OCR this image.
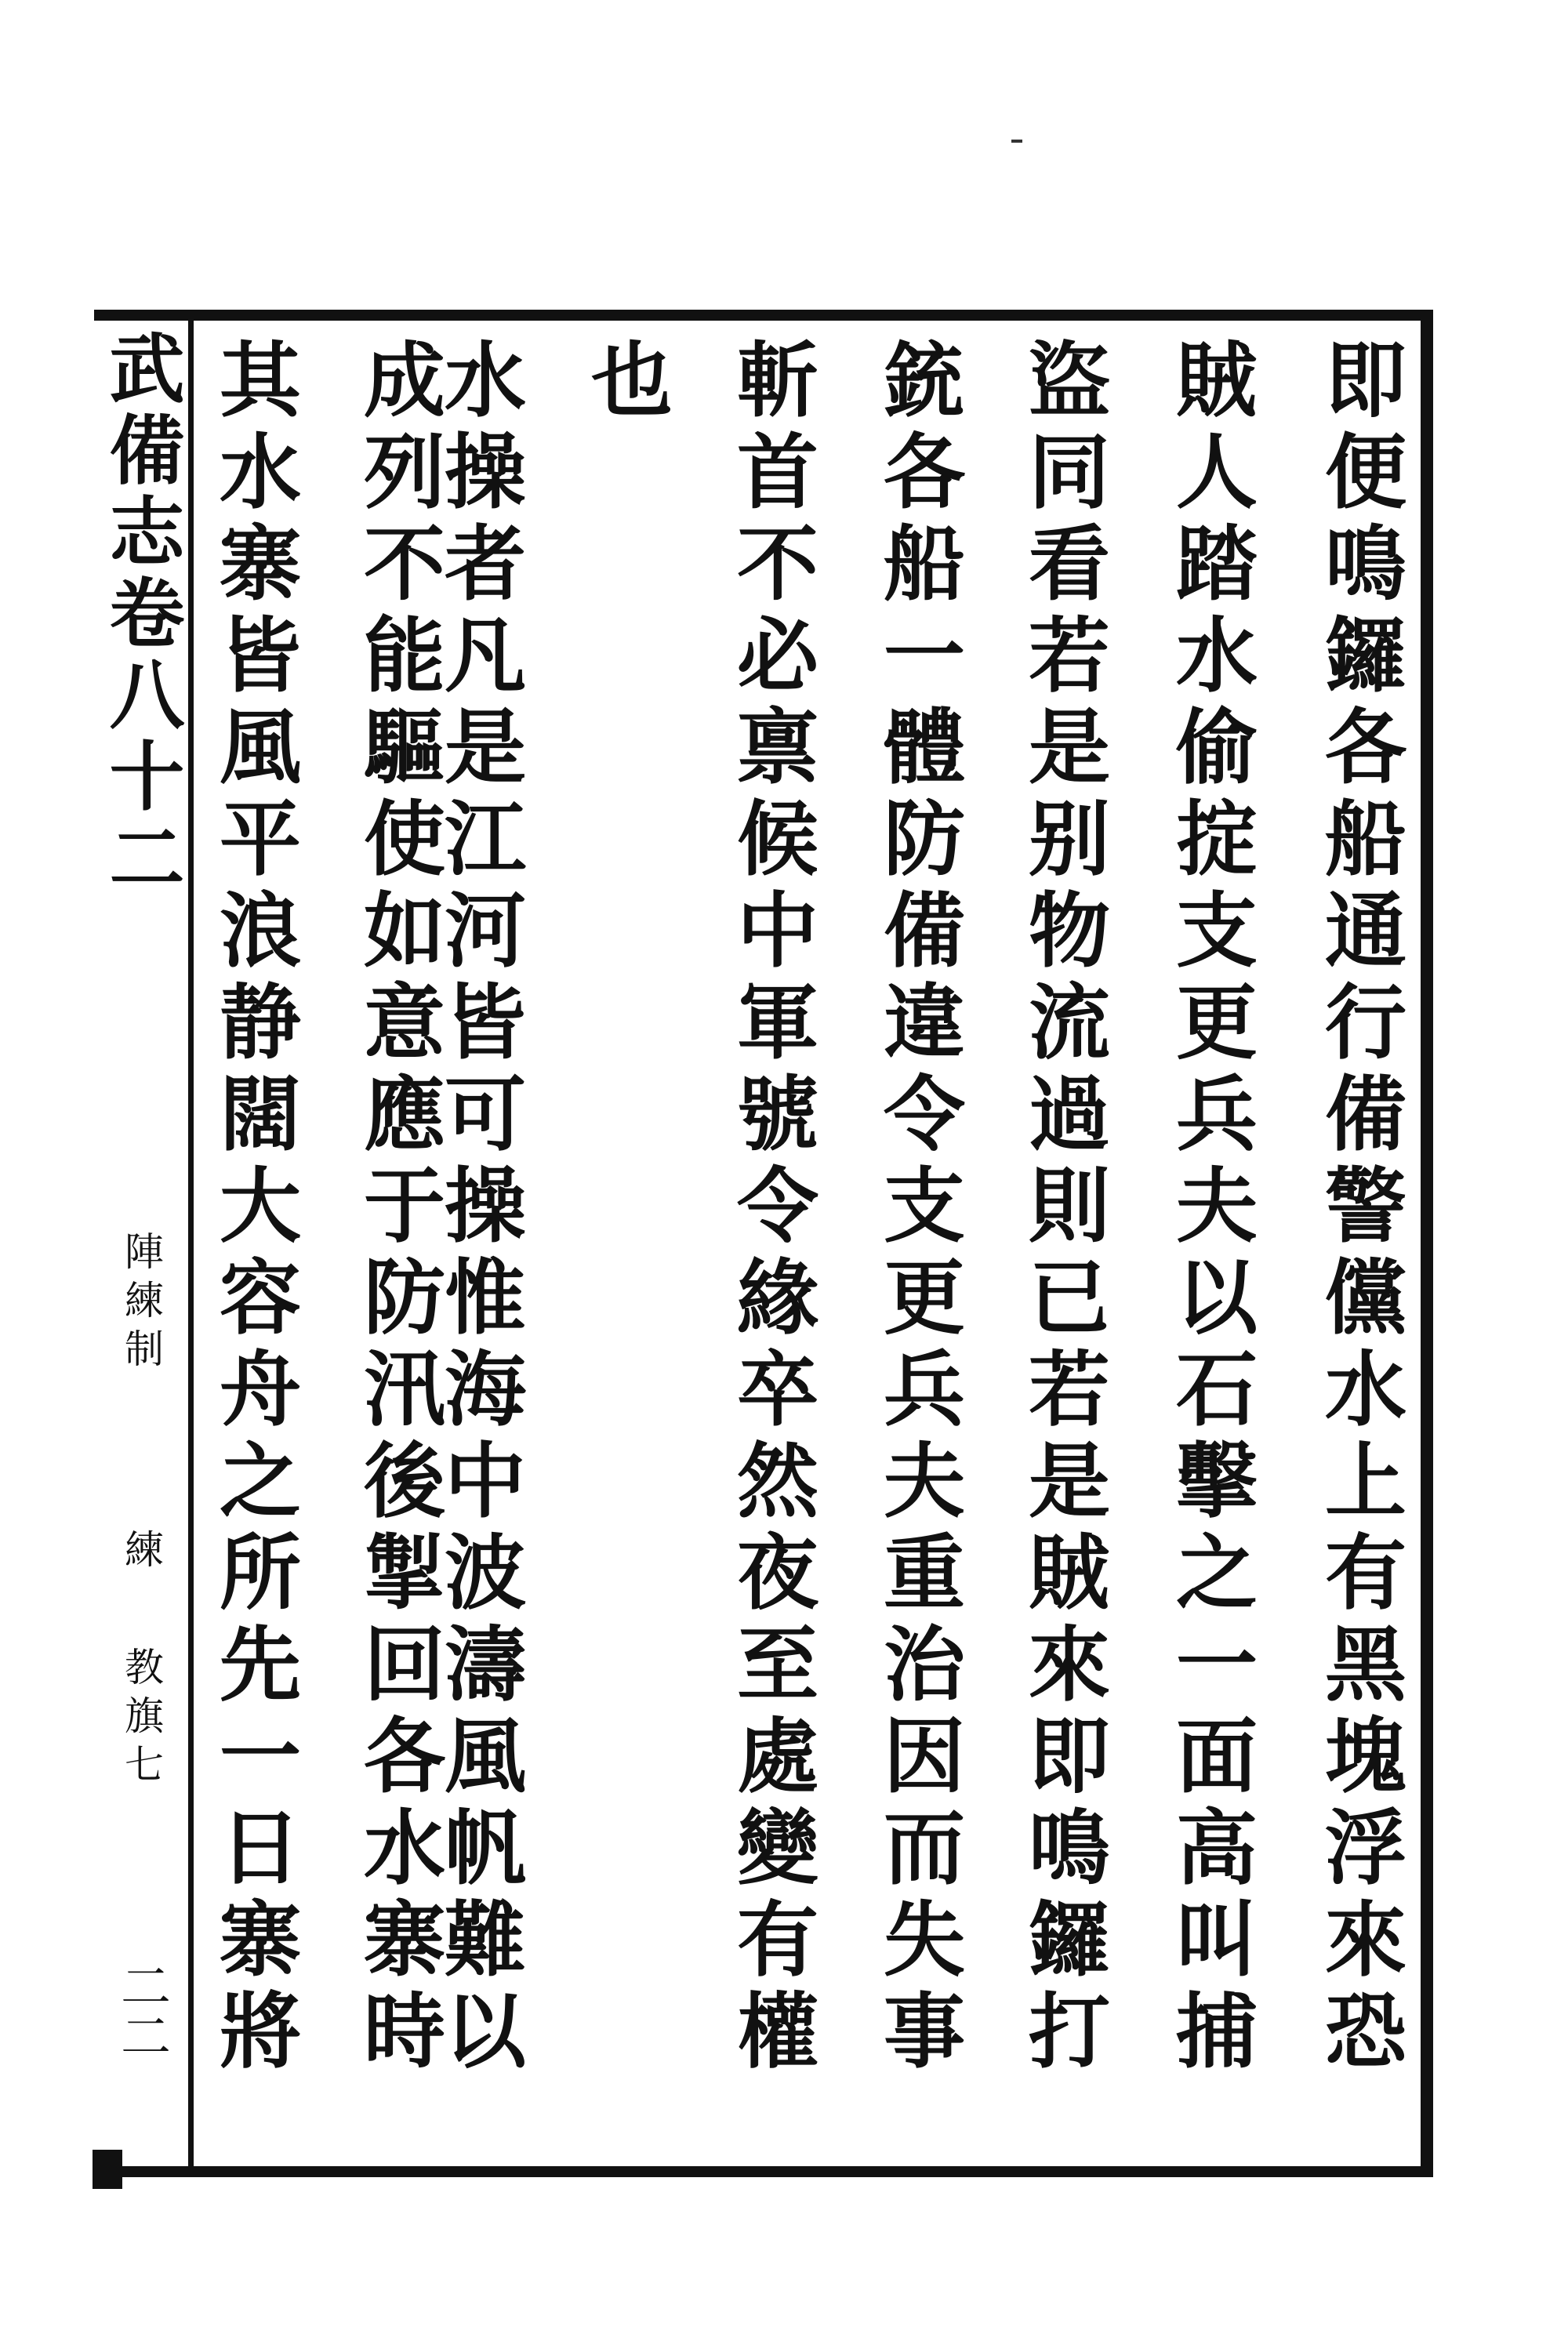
即便鳴鑼各船通行備警儻水上有黑塊浮來恐
賊人踏水偷掟支更兵夫以石擊之一面高叫捕
盜同看若是别物流過則已若是賊來即鳴鑼打
銃各船一體防備違令支更兵夫重治因而失事
斬首不必禀候中軍號令緣卒然夜至處變有權
也
水操者凡是江河皆可操惟海中波濤風帆難以
成列不能驅使如意應于防汛後掣回各水寨時
其水寨皆風平浪静闊大容舟之所先一日寨將
武備志卷八十二
陣練制
練
教旗七
二二
